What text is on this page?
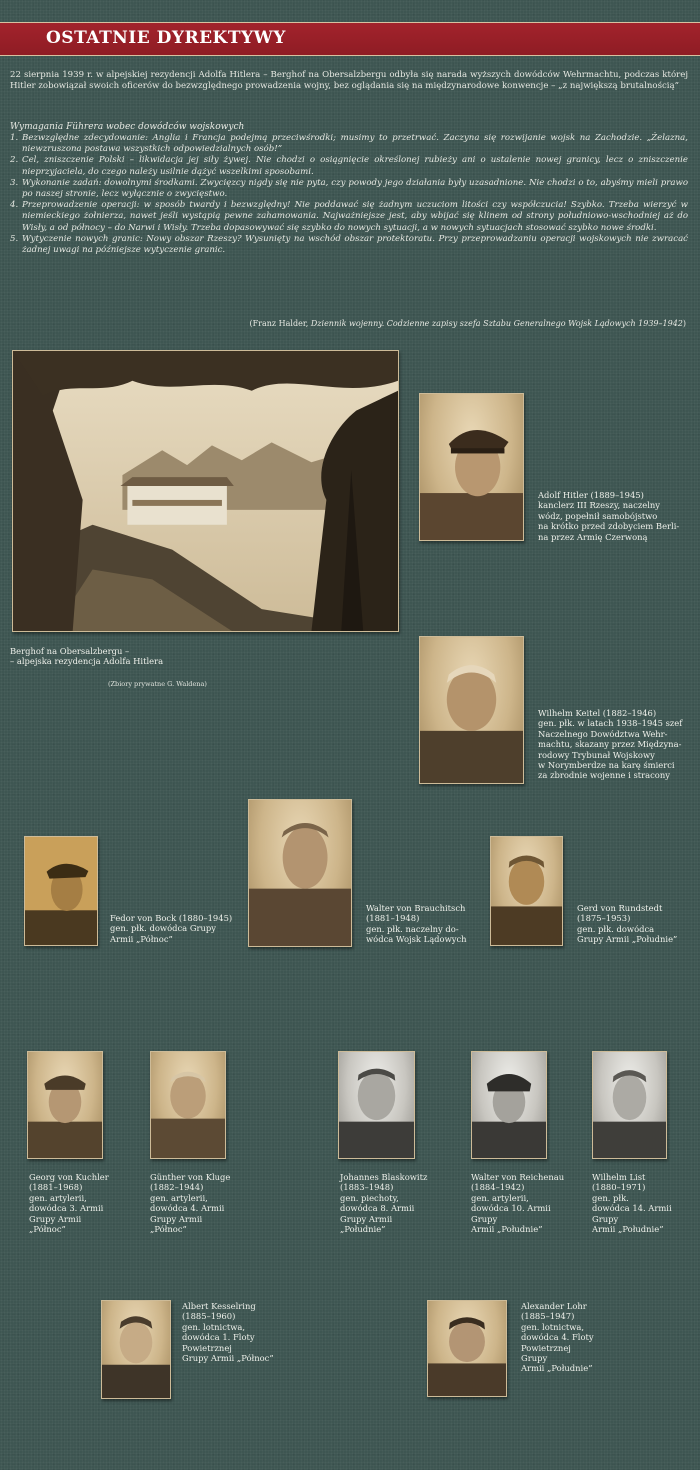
OSTATNIE DYREKTYWY

22 sierpnia 1939 r. w alpejskiej rezydencji Adolfa Hitlera – Berghof na Obersalzbergu odbyła się narada wyższych dowódców Wehrmachtu, podczas której Hitler zobowiązał swoich oficerów do bezwzględnego prowadzenia wojny, bez oglądania się na międzynarodowe konwencje – „z największą brutalnością”

Wymagania Führera wobec dowódców wojskowych
1. Bezwzględne zdecydowanie: Anglia i Francja podejmą przeciwśrodki; musimy to przetrwać. Zaczyna się rozwijanie wojsk na Zachodzie. „Żelazna, niewzruszona postawa wszystkich odpowiedzialnych osób!”
2. Cel, zniszczenie Polski – likwidacja jej siły żywej. Nie chodzi o osiągnięcie określonej rubieży ani o ustalenie nowej granicy, lecz o zniszczenie nieprzyjaciela, do czego należy usilnie dążyć wszelkimi sposobami.
3. Wykonanie zadań: dowolnymi środkami. Zwycięzcy nigdy się nie pyta, czy powody jego działania były uzasadnione. Nie chodzi o to, abyśmy mieli prawo po naszej stronie, lecz wyłącznie o zwycięstwo.
4. Przeprowadzenie operacji: w sposób twardy i bezwzględny! Nie poddawać się żadnym uczuciom litości czy współczucia! Szybko. Trzeba wierzyć w niemieckiego żołnierza, nawet jeśli wystąpią pewne zahamowania. Najważniejsze jest, aby wbijać się klinem od strony południowo-wschodniej aż do Wisły, a od północy – do Narwi i Wisły. Trzeba dopasowywać się szybko do nowych sytuacji, a w nowych sytuacjach stosować szybko nowe środki.
5. Wytyczenie nowych granic: Nowy obszar Rzeszy? Wysunięty na wschód obszar protektoratu. Przy przeprowadzaniu operacji wojskowych nie zwracać żadnej uwagi na późniejsze wytyczenie granic.
(Franz Halder, Dziennik wojenny. Codzienne zapisy szefa Sztabu Generalnego Wojsk Lądowych 1939–1942)
Berghof na Obersalzbergu –
– alpejska rezydencja Adolfa Hitlera
(Zbiory prywatne G. Waldena)
Adolf Hitler (1889–1945)
kanclerz III Rzeszy, naczelny
wódz, popełnił samobójstwo
na krótko przed zdobyciem Berli-
na przez Armię Czerwoną
Wilhelm Keitel (1882–1946)
gen. płk. w latach 1938–1945 szef
Naczelnego Dowództwa Wehr-
machtu, skazany przez Międzyna-
rodowy Trybunał Wojskowy
w Norymberdze na karę śmierci
za zbrodnie wojenne i stracony
Fedor von Bock (1880–1945)
gen. płk. dowódca Grupy
Armii „Północ”
Walter von Brauchitsch
(1881–1948)
gen. płk. naczelny do-
wódca Wojsk Lądowych
Gerd von Rundstedt
(1875–1953)
gen. płk. dowódca
Grupy Armii „Południe”
Georg von Kuchler
(1881–1968)
gen. artylerii,
dowódca 3. Armii
Grupy Armii
„Północ”
Günther von Kluge
(1882–1944)
gen. artylerii,
dowódca 4. Armii
Grupy Armii
„Północ”
Johannes Blaskowitz
(1883–1948)
gen. piechoty,
dowódca 8. Armii
Grupy Armii
„Południe”
Walter von Reichenau
(1884–1942)
gen. artylerii,
dowódca 10. Armii
Grupy
Armii „Południe”
Wilhelm List
(1880–1971)
gen. płk.
dowódca 14. Armii
Grupy
Armii „Południe”
Albert Kesselring
(1885–1960)
gen. lotnictwa,
dowódca 1. Floty
Powietrznej
Grupy Armii „Północ”
Alexander Lohr
(1885–1947)
gen. lotnictwa,
dowódca 4. Floty
Powietrznej
Grupy
Armii „Południe”
